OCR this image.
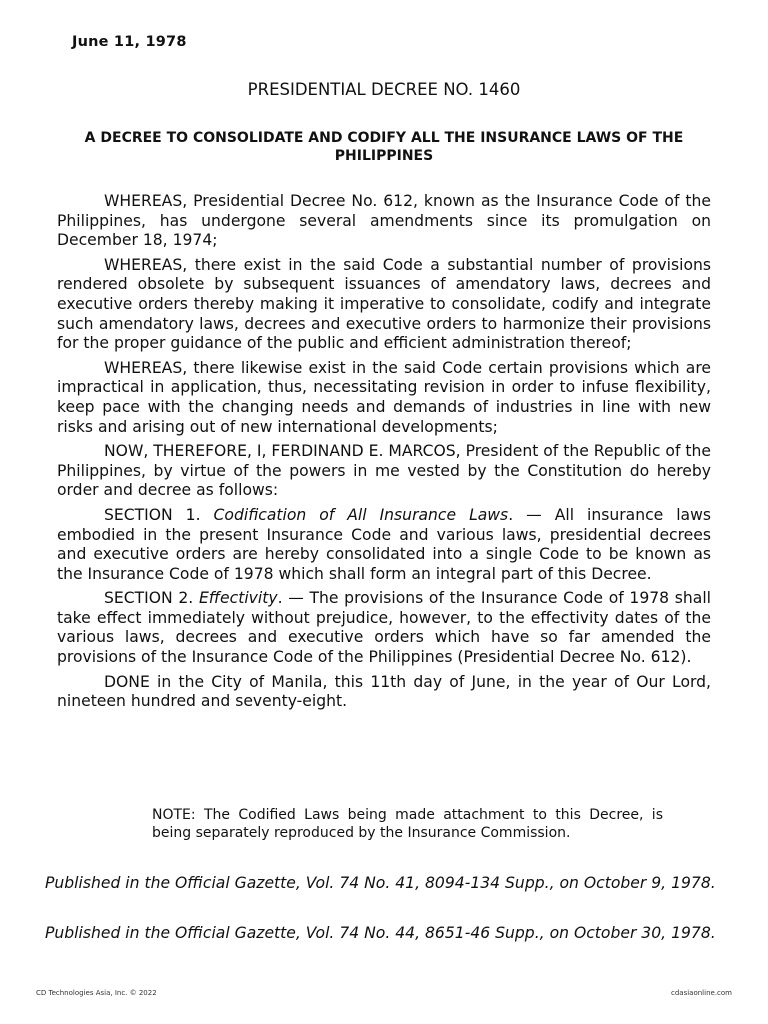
June 11, 1978
PRESIDENTIAL DECREE NO. 1460
A DECREE TO CONSOLIDATE AND CODIFY ALL THE INSURANCE LAWS OF THE PHILIPPINES

WHEREAS, Presidential Decree No. 612, known as the Insurance Code of the Philippines, has undergone several amendments since its promulgation on December 18, 1974;

WHEREAS, there exist in the said Code a substantial number of provisions rendered obsolete by subsequent issuances of amendatory laws, decrees and executive orders thereby making it imperative to consolidate, codify and integrate such amendatory laws, decrees and executive orders to harmonize their provisions for the proper guidance of the public and efficient administration thereof;

WHEREAS, there likewise exist in the said Code certain provisions which are impractical in application, thus, necessitating revision in order to infuse flexibility, keep pace with the changing needs and demands of industries in line with new risks and arising out of new international developments;

NOW, THEREFORE, I, FERDINAND E. MARCOS, President of the Republic of the Philippines, by virtue of the powers in me vested by the Constitution do hereby order and decree as follows:

SECTION 1. Codification of All Insurance Laws. — All insurance laws embodied in the present Insurance Code and various laws, presidential decrees and executive orders are hereby consolidated into a single Code to be known as the Insurance Code of 1978 which shall form an integral part of this Decree.

SECTION 2. Effectivity. — The provisions of the Insurance Code of 1978 shall take effect immediately without prejudice, however, to the effectivity dates of the various laws, decrees and executive orders which have so far amended the provisions of the Insurance Code of the Philippines (Presidential Decree No. 612).

DONE in the City of Manila, this 11th day of June, in the year of Our Lord, nineteen hundred and seventy-eight.

NOTE: The Codified Laws being made attachment to this Decree, is being separately reproduced by the Insurance Commission.
Published in the Official Gazette, Vol. 74 No. 41, 8094-134 Supp., on October 9, 1978.
Published in the Official Gazette, Vol. 74 No. 44, 8651-46 Supp., on October 30, 1978.
CD Technologies Asia, Inc. © 2022	cdasiaonline.com
